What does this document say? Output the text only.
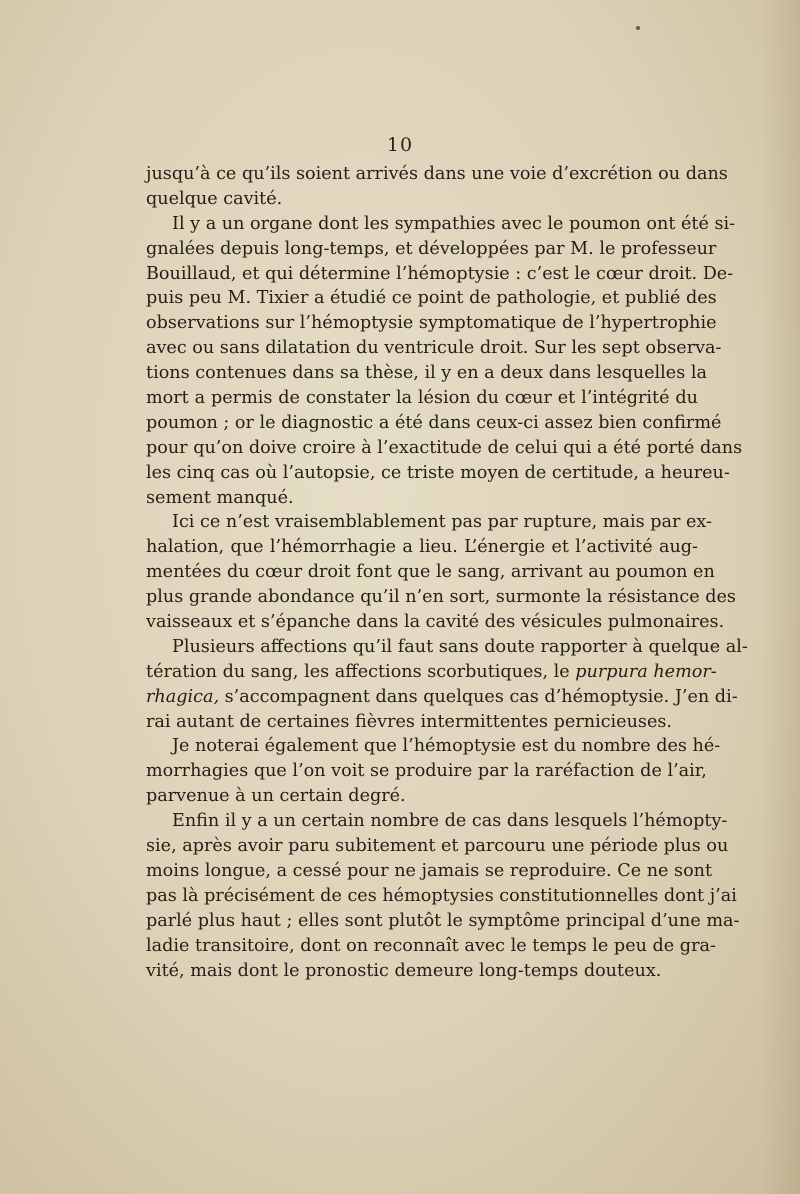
10
jusqu’à ce qu’ils soient arrivés dans une voie d’excrétion ou dans
quelque cavité.
Il y a un organe dont les sympathies avec le poumon ont été si-
gnalées depuis long-temps, et développées par M. le professeur
Bouillaud, et qui détermine l’hémoptysie : c’est le cœur droit. De-
puis peu M. Tixier a étudié ce point de pathologie, et publié des
observations sur l’hémoptysie symptomatique de l’hypertrophie
avec ou sans dilatation du ventricule droit. Sur les sept observa-
tions contenues dans sa thèse, il y en a deux dans lesquelles la
mort a permis de constater la lésion du cœur et l’intégrité du
poumon ; or le diagnostic a été dans ceux-ci assez bien confirmé
pour qu’on doive croire à l’exactitude de celui qui a été porté dans
les cinq cas où l’autopsie, ce triste moyen de certitude, a heureu-
sement manqué.
Ici ce n’est vraisemblablement pas par rupture, mais par ex-
halation, que l’hémorrhagie a lieu. L’énergie et l’activité aug-
mentées du cœur droit font que le sang, arrivant au poumon en
plus grande abondance qu’il n’en sort, surmonte la résistance des
vaisseaux et s’épanche dans la cavité des vésicules pulmonaires.
Plusieurs affections qu’il faut sans doute rapporter à quelque al-
tération du sang, les affections scorbutiques, le purpura hemor-
rhagica, s’accompagnent dans quelques cas d’hémoptysie. J’en di-
rai autant de certaines fièvres intermittentes pernicieuses.
Je noterai également que l’hémoptysie est du nombre des hé-
morrhagies que l’on voit se produire par la raréfaction de l’air,
parvenue à un certain degré.
Enfin il y a un certain nombre de cas dans lesquels l’hémopty-
sie, après avoir paru subitement et parcouru une période plus ou
moins longue, a cessé pour ne jamais se reproduire. Ce ne sont
pas là précisément de ces hémoptysies constitutionnelles dont j’ai
parlé plus haut ; elles sont plutôt le symptôme principal d’une ma-
ladie transitoire, dont on reconnaît avec le temps le peu de gra-
vité, mais dont le pronostic demeure long-temps douteux.
